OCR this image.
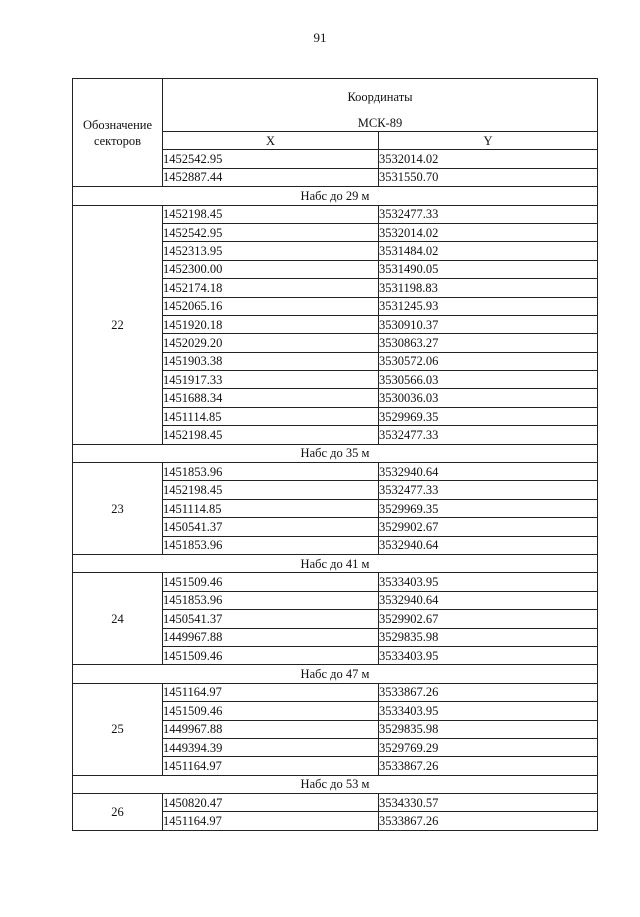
91
Обозначение
секторов	Координаты
МСК-89	

	X	Y
	1452542.95	3532014.02
	1452887.44	3531550.70
Набс до 29 м		
22	1452198.45	3532477.33
	1452542.95	3532014.02
	1452313.95	3531484.02
	1452300.00	3531490.05
	1452174.18	3531198.83
	1452065.16	3531245.93
	1451920.18	3530910.37
	1452029.20	3530863.27
	1451903.38	3530572.06
	1451917.33	3530566.03
	1451688.34	3530036.03
	1451114.85	3529969.35
	1452198.45	3532477.33
Набс до 35 м		
23	1451853.96	3532940.64
	1452198.45	3532477.33
	1451114.85	3529969.35
	1450541.37	3529902.67
	1451853.96	3532940.64
Набс до 41 м		
24	1451509.46	3533403.95
	1451853.96	3532940.64
	1450541.37	3529902.67
	1449967.88	3529835.98
	1451509.46	3533403.95
Набс до 47 м		
25	1451164.97	3533867.26
	1451509.46	3533403.95
	1449967.88	3529835.98
	1449394.39	3529769.29
	1451164.97	3533867.26
Набс до 53 м		
26	1450820.47	3534330.57
	1451164.97	3533867.26
